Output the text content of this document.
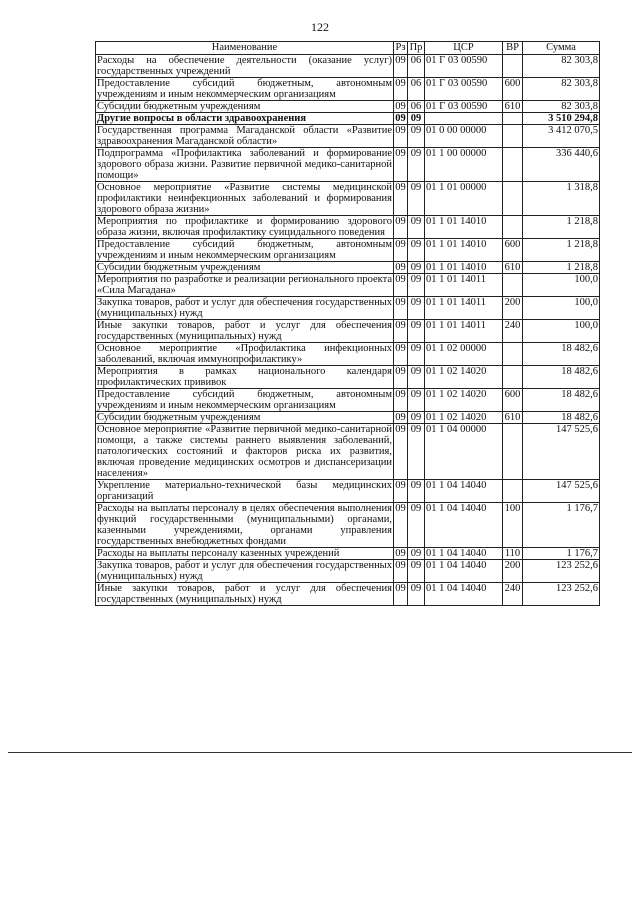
122
Наименование	Рз	Пр	ЦСР	ВР	Сумма
Расходы на обеспечение деятельности (оказание услуг) государственных учреждений	09	06	01 Г 03 00590		82 303,8
Предоставление субсидий бюджетным, автономным учреждениям и иным некоммерческим организациям	09	06	01 Г 03 00590	600	82 303,8
Субсидии бюджетным учреждениям	09	06	01 Г 03 00590	610	82 303,8
Другие вопросы в области здравоохранения	09	09			3 510 294,8
Государственная программа Магаданской области «Развитие здравоохранения Магаданской области»	09	09	01 0 00 00000		3 412 070,5
Подпрограмма «Профилактика заболеваний и формирование здорового образа жизни. Развитие первичной медико-санитарной помощи»	09	09	01 1 00 00000		336 440,6
Основное мероприятие «Развитие системы медицинской профилактики неинфекционных заболеваний и формирования здорового образа жизни»	09	09	01 1 01 00000		1 318,8
Мероприятия по профилактике и формированию здорового образа жизни, включая профилактику суицидального поведения	09	09	01 1 01 14010		1 218,8
Предоставление субсидий бюджетным, автономным учреждениям и иным некоммерческим организациям	09	09	01 1 01 14010	600	1 218,8
Субсидии бюджетным учреждениям	09	09	01 1 01 14010	610	1 218,8
Мероприятия по разработке и реализации регионального проекта «Сила Магадана»	09	09	01 1 01 14011		100,0
Закупка товаров, работ и услуг для обеспечения государственных (муниципальных) нужд	09	09	01 1 01 14011	200	100,0
Иные закупки товаров, работ и услуг для обеспечения государственных (муниципальных) нужд	09	09	01 1 01 14011	240	100,0
Основное мероприятие «Профилактика инфекционных заболеваний, включая иммунопрофилактику»	09	09	01 1 02 00000		18 482,6
Мероприятия в рамках национального календаря профилактических прививок	09	09	01 1 02 14020		18 482,6
Предоставление субсидий бюджетным, автономным учреждениям и иным некоммерческим организациям	09	09	01 1 02 14020	600	18 482,6
Субсидии бюджетным учреждениям	09	09	01 1 02 14020	610	18 482,6
Основное мероприятие «Развитие первичной медико-санитарной помощи, а также системы раннего выявления заболеваний, патологических состояний и факторов риска их развития, включая проведение медицинских осмотров и диспансеризации населения»	09	09	01 1 04 00000		147 525,6
Укрепление материально-технической базы медицинских организаций	09	09	01 1 04 14040		147 525,6
Расходы на выплаты персоналу в целях обеспечения выполнения функций государственными (муниципальными) органами, казенными учреждениями, органами управления государственных внебюджетных фондами	09	09	01 1 04 14040	100	1 176,7
Расходы на выплаты персоналу казенных учреждений	09	09	01 1 04 14040	110	1 176,7
Закупка товаров, работ и услуг для обеспечения государственных (муниципальных) нужд	09	09	01 1 04 14040	200	123 252,6
Иные закупки товаров, работ и услуг для обеспечения государственных (муниципальных) нужд	09	09	01 1 04 14040	240	123 252,6
